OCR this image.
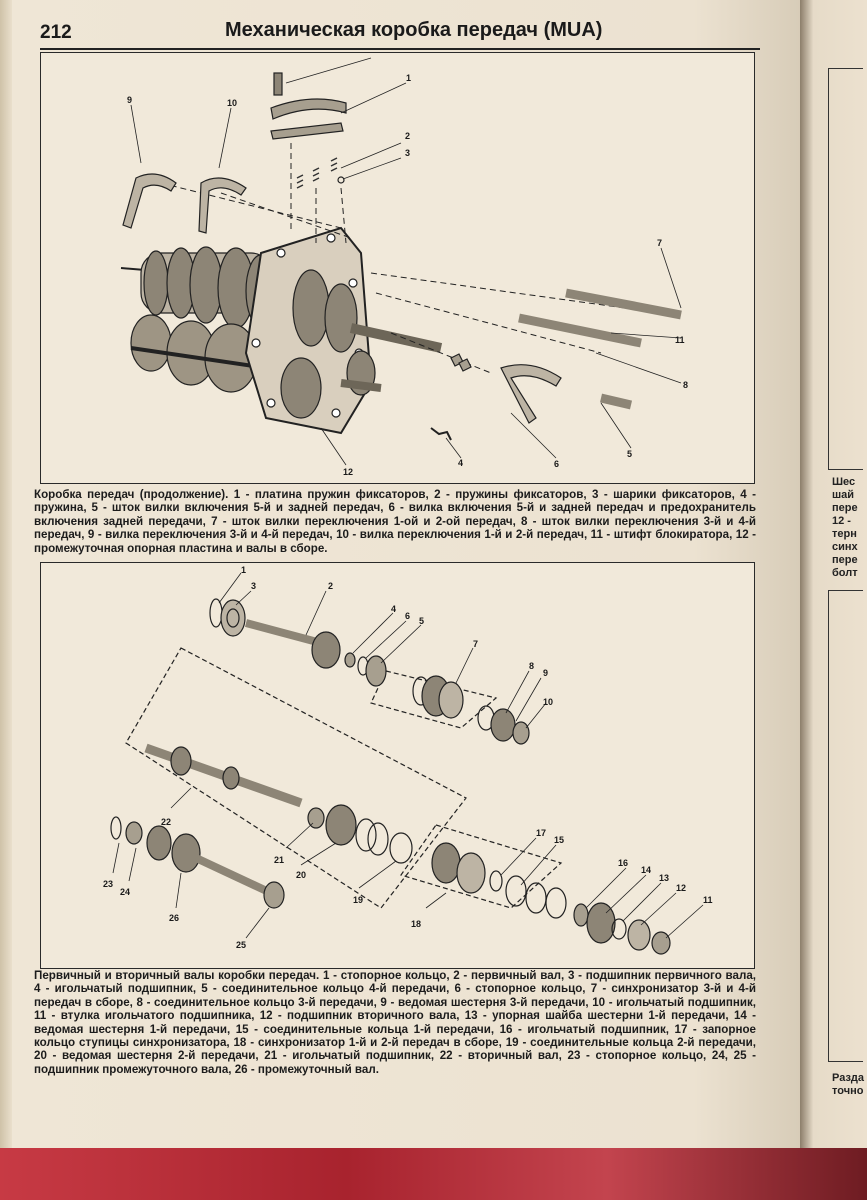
212	Механическая коробка передач (MUA)
1
2
3
4
5
6
7
8
9	10
11
12
Коробка передач (продолжение). 1 - платина пружин фиксаторов, 2 - пружины фиксаторов, 3 - шарики фиксаторов, 4 - пружина, 5 - шток вилки включения 5-й и задней передач, 6 - вилка включения 5-й и задней передач и предохранитель включения задней передачи, 7 - шток вилки переключения 1-ой и 2-ой передач, 8 - шток вилки переключения 3-й и 4-й передач, 9 - вилка переключения 3-й и 4-й передач, 10 - вилка переключения 1-й и 2-й передач, 11 - штифт блокиратора, 12 - промежуточная опорная пластина и валы в сборе.
1
2
3
4
5
6
7
8
9
10
11
12
13
14
15
16
17
18
19
20
21
22
23
24
25
26
Первичный и вторичный валы коробки передач. 1 - стопорное кольцо, 2 - первичный вал, 3 - подшипник первичного вала, 4 - игольчатый подшипник, 5 - соединительное кольцо 4-й передачи, 6 - стопорное кольцо, 7 - синхронизатор 3-й и 4-й передач в сборе, 8 - соединительное кольцо 3-й передачи, 9 - ведомая шестерня 3-й передачи, 10 - игольчатый подшипник, 11 - втулка игольчатого подшипника, 12 - подшипник вторичного вала, 13 - упорная шайба шестерни 1-й передачи, 14 - ведомая шестерня 1-й передачи, 15 - соединительные кольца 1-й передачи, 16 - игольчатый подшипник, 17 - запорное кольцо ступицы синхронизатора, 18 - синхронизатор 1-й и 2-й передач в сборе, 19 - соединительные кольца 2-й передачи, 20 - ведомая шестерня 2-й передачи, 21 - игольчатый подшипник, 22 - вторичный вал, 23 - стопорное кольцо, 24, 25 - подшипник промежуточного вала, 26 - промежуточный вал.
Шес
шай
пере
12 -
терн
синх
пере
болт
Разда
точно
